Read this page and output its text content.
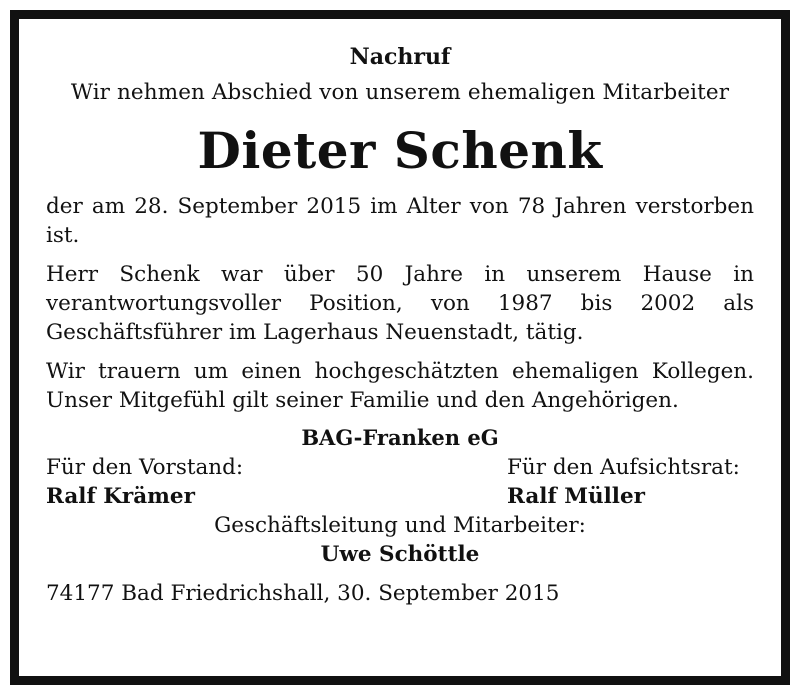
Nachruf

Wir nehmen Abschied von unserem ehemaligen Mitarbeiter

Dieter Schenk

der am 28. September 2015 im Alter von 78 Jahren verstorben ist.

Herr Schenk war über 50 Jahre in unserem Hause in verantwortungsvoller Position, von 1987 bis 2002 als Geschäftsführer im Lagerhaus Neuenstadt, tätig.

Wir trauern um einen hochgeschätzten ehemaligen Kollegen. Unser Mitgefühl gilt seiner Familie und den Angehörigen.

BAG-Franken eG

Für den Vorstand:	Für den Aufsichtsrat:
Ralf Krämer	Ralf Müller
Geschäftsleitung und Mitarbeiter:
Uwe Schöttle
74177 Bad Friedrichshall, 30. September 2015
